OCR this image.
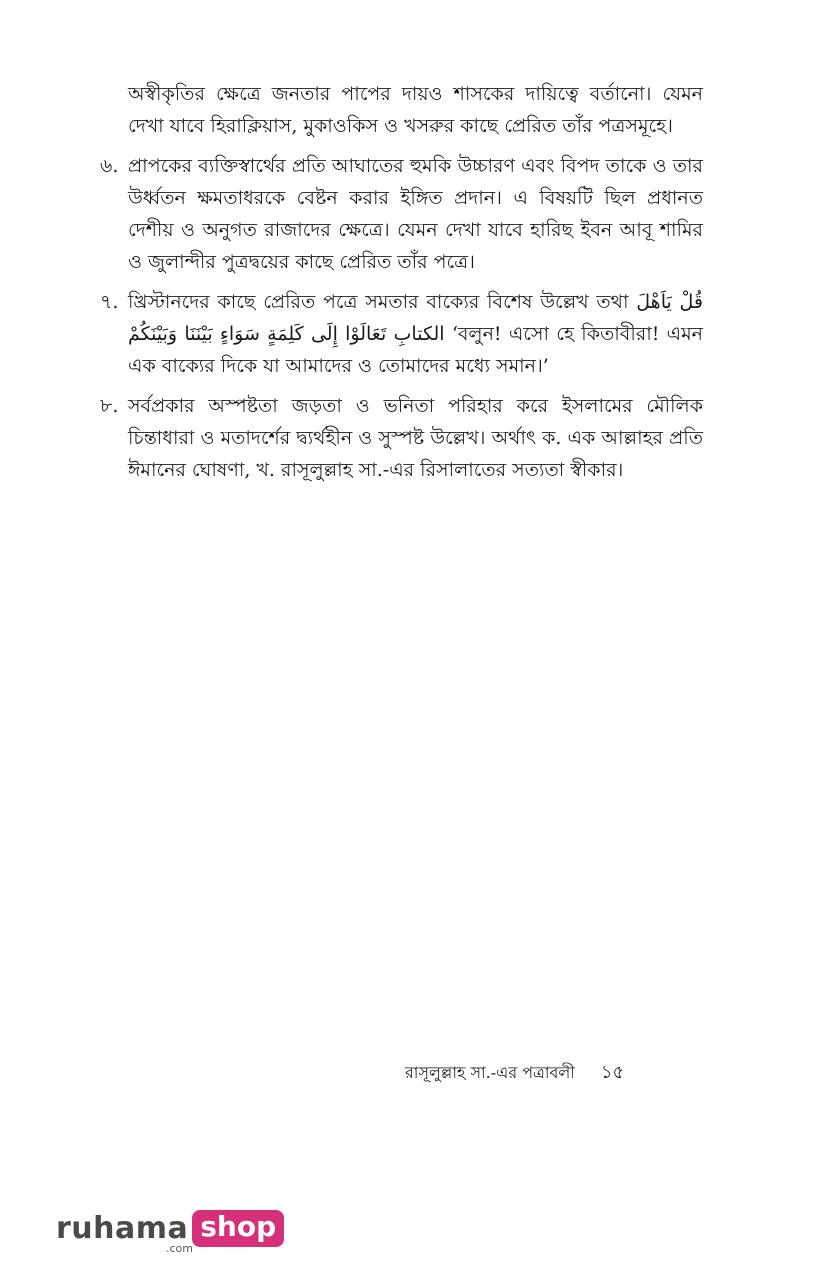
অস্বীকৃতির ক্ষেত্রে জনতার পাপের দায়ও শাসকের দায়িত্বে বর্তানো। যেমন দেখা যাবে হিরাক্লিয়াস, মুকাওকিস ও খসরুর কাছে প্রেরিত তাঁর পত্রসমূহে।

৬. প্রাপকের ব্যক্তিস্বার্থের প্রতি আঘাতের হুমকি উচ্চারণ এবং বিপদ তাকে ও তার উর্ধ্বতন ক্ষমতাধরকে বেষ্টন করার ইঙ্গিত প্রদান। এ বিষয়টি ছিল প্রধানত দেশীয় ও অনুগত রাজাদের ক্ষেত্রে। যেমন দেখা যাবে হারিছ ইবন আবূ শামির ও জুলান্দীর পুত্রদ্বয়ের কাছে প্রেরিত তাঁর পত্রে।
৭. খ্রিস্টানদের কাছে প্রেরিত পত্রে সমতার বাক্যের বিশেষ উল্লেখ তথা قُلْ يَاَهْلَ الكتابِ تَعَالَوْا إِلَى كَلِمَةٍ سَوَاءٍ بَيْنَنَا وَبَيْنَكُمْ ‘বলুন! এসো হে কিতাবীরা! এমন এক বাক্যের দিকে যা আমাদের ও তোমাদের মধ্যে সমান।’
৮. সর্বপ্রকার অস্পষ্টতা জড়তা ও ভনিতা পরিহার করে ইসলামের মৌলিক চিন্তাধারা ও মতাদর্শের দ্ব্যর্থহীন ও সুস্পষ্ট উল্লেখ। অর্থাৎ ক. এক আল্লাহর প্রতি ঈমানের ঘোষণা, খ. রাসূলুল্লাহ সা.-এর রিসালাতের সত্যতা স্বীকার।
রাসূলুল্লাহ সা.-এর পত্রাবলী ১৫
ruhama shop
.com
